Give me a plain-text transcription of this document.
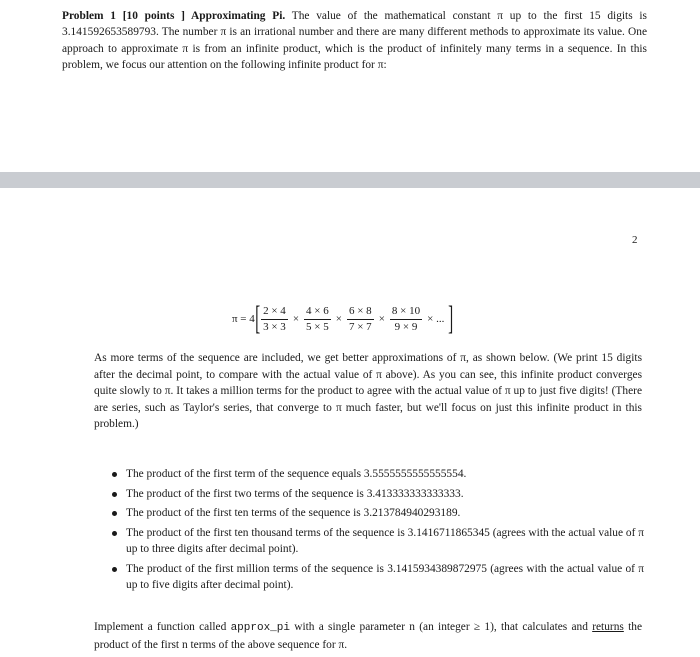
Problem 1 [10 points ] Approximating Pi. The value of the mathematical constant π up to the first 15 digits is 3.141592653589793. The number π is an irrational number and there are many different methods to approximate its value. One approach to approximate π is from an infinite product, which is the product of infinitely many terms in a sequence. In this problem, we focus our attention on the following infinite product for π:
2
π = 4 [ $\frac{2 \times 4}{3 \times 3} \times \frac{4 \times 6}{5 \times 5} \times \frac{6 \times 8}{7 \times 7} \times \frac{8 \times 10}{9 \times 9}$ × ... ]
As more terms of the sequence are included, we get better approximations of π, as shown below. (We print 15 digits after the decimal point, to compare with the actual value of π above). As you can see, this infinite product converges quite slowly to π. It takes a million terms for the product to agree with the actual value of π up to just five digits! (There are series, such as Taylor's series, that converge to π much faster, but we'll focus on just this infinite product in this problem.)
The product of the first term of the sequence equals 3.5555555555555554.
The product of the first two terms of the sequence is 3.413333333333333.
The product of the first ten terms of the sequence is 3.213784940293189.
The product of the first ten thousand terms of the sequence is 3.1416711865345 (agrees with the actual value of π up to three digits after decimal point).
The product of the first million terms of the sequence is 3.1415934389872975 (agrees with the actual value of π up to five digits after decimal point).
Implement a function called approx_pi with a single parameter n (an integer ≥ 1), that calculates and returns the product of the first n terms of the above sequence for π.
